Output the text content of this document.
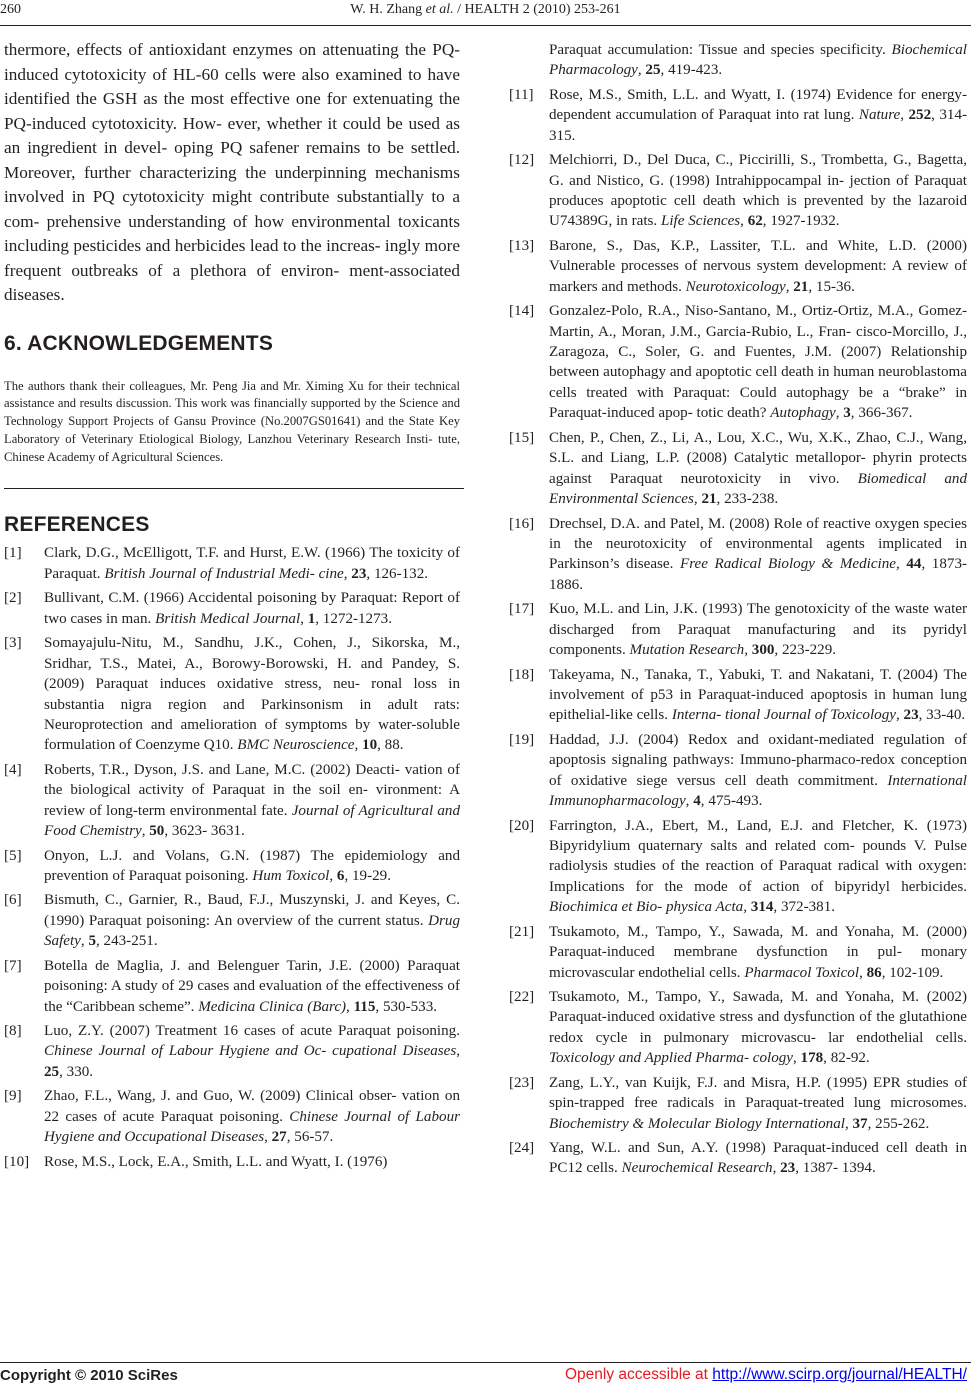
260	W. H. Zhang et al. / HEALTH 2 (2010) 253-261

thermore, effects of antioxidant enzymes on attenuating the PQ-induced cytotoxicity of HL-60 cells were also examined to have identified the GSH as the most effective one for extenuating the PQ-induced cytotoxicity. How- ever, whether it could be used as an ingredient in devel- oping PQ safener remains to be settled. Moreover, further characterizing the underpinning mechanisms involved in PQ cytotoxicity might contribute substantially to a com- prehensive understanding of how environmental toxicants including pesticides and herbicides lead to the increas- ingly more frequent outbreaks of a plethora of environ- ment-associated diseases.

6. ACKNOWLEDGEMENTS

The authors thank their colleagues, Mr. Peng Jia and Mr. Ximing Xu for their technical assistance and results discussion. This work was financially supported by the Science and Technology Support Projects of Gansu Province (No.2007GS01641) and the State Key Laboratory of Veterinary Etiological Biology, Lanzhou Veterinary Research Insti- tute, Chinese Academy of Agricultural Sciences.

REFERENCES
[1] Clark, D.G., McElligott, T.F. and Hurst, E.W. (1966) The toxicity of Paraquat. British Journal of Industrial Medi- cine, 23, 126-132.
[2] Bullivant, C.M. (1966) Accidental poisoning by Paraquat: Report of two cases in man. British Medical Journal, 1, 1272-1273.
[3] Somayajulu-Nitu, M., Sandhu, J.K., Cohen, J., Sikorska, M., Sridhar, T.S., Matei, A., Borowy-Borowski, H. and Pandey, S. (2009) Paraquat induces oxidative stress, neu- ronal loss in substantia nigra region and Parkinsonism in adult rats: Neuroprotection and amelioration of symptoms by water-soluble formulation of Coenzyme Q10. BMC Neuroscience, 10, 88.
[4] Roberts, T.R., Dyson, J.S. and Lane, M.C. (2002) Deacti- vation of the biological activity of Paraquat in the soil en- vironment: A review of long-term environmental fate. Journal of Agricultural and Food Chemistry, 50, 3623- 3631.
[5] Onyon, L.J. and Volans, G.N. (1987) The epidemiology and prevention of Paraquat poisoning. Hum Toxicol, 6, 19-29.
[6] Bismuth, C., Garnier, R., Baud, F.J., Muszynski, J. and Keyes, C. (1990) Paraquat poisoning: An overview of the current status. Drug Safety, 5, 243-251.
[7] Botella de Maglia, J. and Belenguer Tarin, J.E. (2000) Paraquat poisoning: A study of 29 cases and evaluation of the effectiveness of the “Caribbean scheme”. Medicina Clinica (Barc), 115, 530-533.
[8] Luo, Z.Y. (2007) Treatment 16 cases of acute Paraquat poisoning. Chinese Journal of Labour Hygiene and Oc- cupational Diseases, 25, 330.
[9] Zhao, F.L., Wang, J. and Guo, W. (2009) Clinical obser- vation on 22 cases of acute Paraquat poisoning. Chinese Journal of Labour Hygiene and Occupational Diseases, 27, 56-57.
[10] Rose, M.S., Lock, E.A., Smith, L.L. and Wyatt, I. (1976)
Paraquat accumulation: Tissue and species specificity. Biochemical Pharmacology, 25, 419-423.
[11] Rose, M.S., Smith, L.L. and Wyatt, I. (1974) Evidence for energy-dependent accumulation of Paraquat into rat lung. Nature, 252, 314-315.
[12] Melchiorri, D., Del Duca, C., Piccirilli, S., Trombetta, G., Bagetta, G. and Nistico, G. (1998) Intrahippocampal in- jection of Paraquat produces apoptotic cell death which is prevented by the lazaroid U74389G, in rats. Life Sciences, 62, 1927-1932.
[13] Barone, S., Das, K.P., Lassiter, T.L. and White, L.D. (2000) Vulnerable processes of nervous system development: A review of markers and methods. Neurotoxicology, 21, 15-36.
[14] Gonzalez-Polo, R.A., Niso-Santano, M., Ortiz-Ortiz, M.A., Gomez-Martin, A., Moran, J.M., Garcia-Rubio, L., Fran- cisco-Morcillo, J., Zaragoza, C., Soler, G. and Fuentes, J.M. (2007) Relationship between autophagy and apoptotic cell death in human neuroblastoma cells treated with Paraquat: Could autophagy be a “brake” in Paraquat-induced apop- totic death? Autophagy, 3, 366-367.
[15] Chen, P., Chen, Z., Li, A., Lou, X.C., Wu, X.K., Zhao, C.J., Wang, S.L. and Liang, L.P. (2008) Catalytic metallopor- phyrin protects against Paraquat neurotoxicity in vivo. Biomedical and Environmental Sciences, 21, 233-238.
[16] Drechsel, D.A. and Patel, M. (2008) Role of reactive oxygen species in the neurotoxicity of environmental agents implicated in Parkinson’s disease. Free Radical Biology & Medicine, 44, 1873-1886.
[17] Kuo, M.L. and Lin, J.K. (1993) The genotoxicity of the waste water discharged from Paraquat manufacturing and its pyridyl components. Mutation Research, 300, 223-229.
[18] Takeyama, N., Tanaka, T., Yabuki, T. and Nakatani, T. (2004) The involvement of p53 in Paraquat-induced apoptosis in human lung epithelial-like cells. Interna- tional Journal of Toxicology, 23, 33-40.
[19] Haddad, J.J. (2004) Redox and oxidant-mediated regulation of apoptosis signaling pathways: Immuno-pharmaco-redox conception of oxidative siege versus cell death commitment. International Immunopharmacology, 4, 475-493.
[20] Farrington, J.A., Ebert, M., Land, E.J. and Fletcher, K. (1973) Bipyridylium quaternary salts and related com- pounds V. Pulse radiolysis studies of the reaction of Paraquat radical with oxygen: Implications for the mode of action of bipyridyl herbicides. Biochimica et Bio- physica Acta, 314, 372-381.
[21] Tsukamoto, M., Tampo, Y., Sawada, M. and Yonaha, M. (2000) Paraquat-induced membrane dysfunction in pul- monary microvascular endothelial cells. Pharmacol Toxicol, 86, 102-109.
[22] Tsukamoto, M., Tampo, Y., Sawada, M. and Yonaha, M. (2002) Paraquat-induced oxidative stress and dysfunction of the glutathione redox cycle in pulmonary microvascu- lar endothelial cells. Toxicology and Applied Pharma- cology, 178, 82-92.
[23] Zang, L.Y., van Kuijk, F.J. and Misra, H.P. (1995) EPR studies of spin-trapped free radicals in Paraquat-treated lung microsomes. Biochemistry & Molecular Biology International, 37, 255-262.
[24] Yang, W.L. and Sun, A.Y. (1998) Paraquat-induced cell death in PC12 cells. Neurochemical Research, 23, 1387- 1394.
Copyright © 2010 SciRes	Openly accessible at http://www.scirp.org/journal/HEALTH/
